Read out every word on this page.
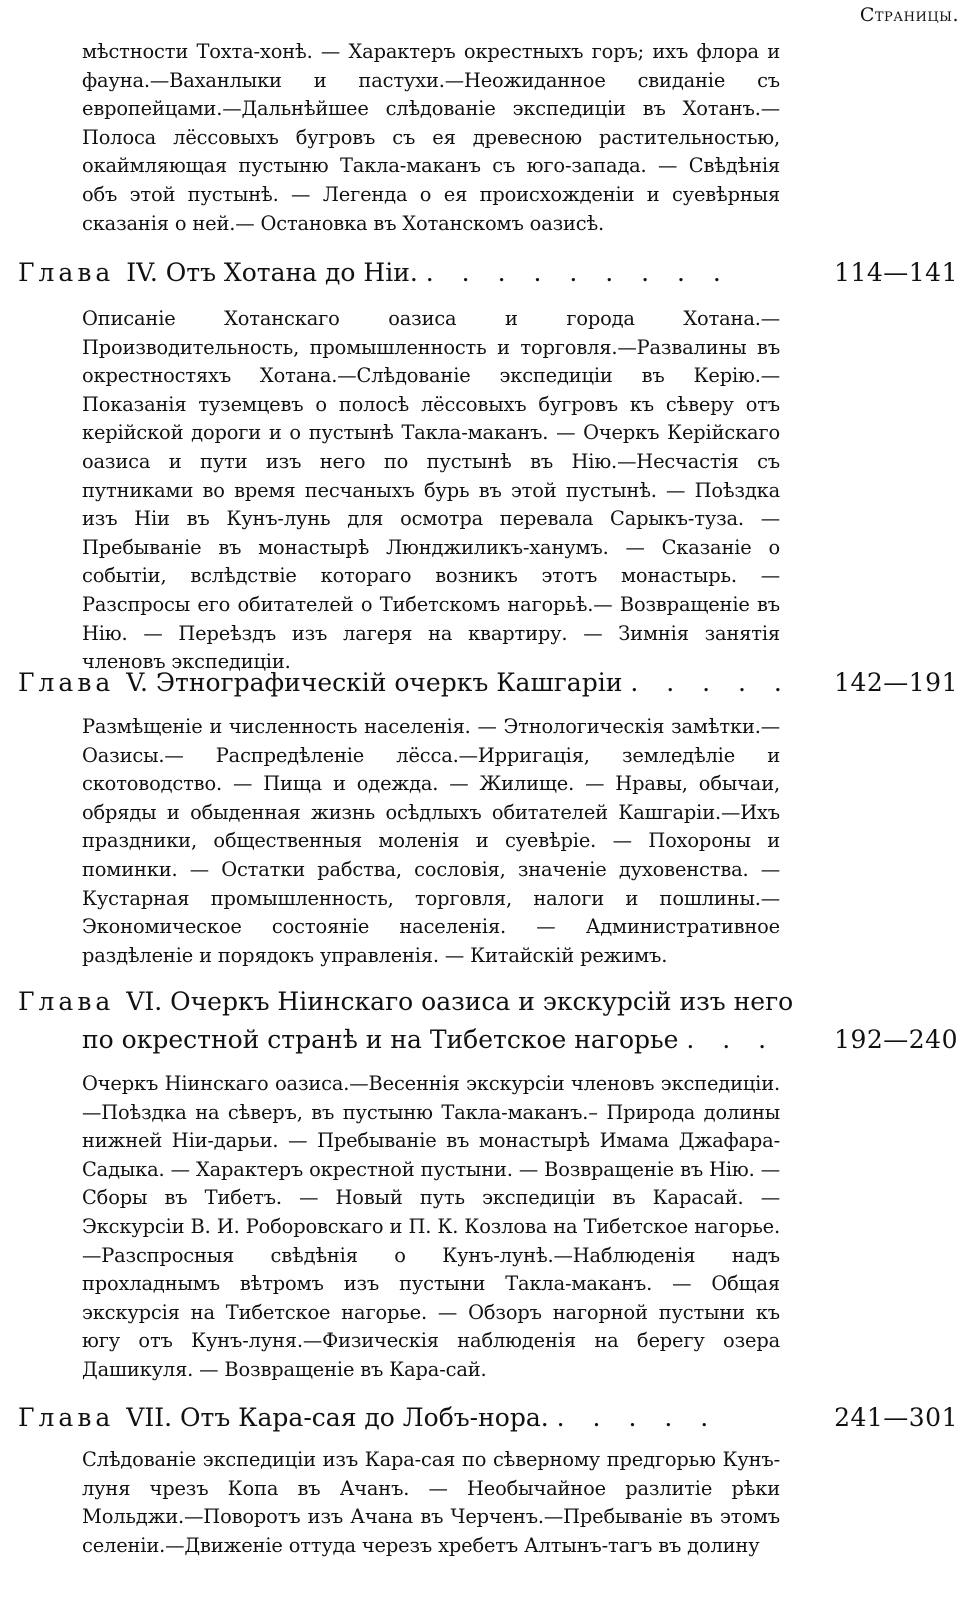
Страницы.
мѣстности Тохта-хонѣ. — Характеръ окрестныхъ горъ; ихъ флора и фауна.—Ваханлыки и пастухи.—Неожиданное свиданіе съ европейцами.—Дальнѣйшее слѣдованіе экспедиціи въ Хотанъ.—Полоса лёссовыхъ бугровъ съ ея древесною растительностью, окаймляющая пустыню Такла-маканъ съ юго-запада. — Свѣдѣнія объ этой пустынѣ. — Легенда о ея происхожденіи и суевѣрныя сказанія о ней.— Остановка въ Хотанскомъ оазисѣ.
Глава IV. Отъ Хотана до Ніи. . . . . . . . . .	114—141
Описаніе Хотанскаго оазиса и города Хотана.—Производительность, промышленность и торговля.—Развалины въ окрестностяхъ Хотана.—Слѣдованіе экспедиціи въ Керію.—Показанія туземцевъ о полосѣ лёссовыхъ бугровъ къ сѣверу отъ керійской дороги и о пустынѣ Такла-маканъ. — Очеркъ Керійскаго оазиса и пути изъ него по пустынѣ въ Нію.—Несчастія съ путниками во время песчаныхъ бурь въ этой пустынѣ. — Поѣздка изъ Ніи въ Кунъ-лунь для осмотра перевала Сарыкъ-туза. — Пребываніе въ монастырѣ Люнджиликъ-ханумъ. — Сказаніе о событіи, вслѣдствіе котораго возникъ этотъ монастырь. — Разспросы его обитателей о Тибетскомъ нагорьѣ.— Возвращеніе въ Нію. — Переѣздъ изъ лагеря на квартиру. — Зимнія занятія членовъ экспедиціи.
Глава V. Этнографическій очеркъ Кашгаріи . . . . . 142—191
Размѣщеніе и численность населенія. — Этнологическія замѣтки.—Оазисы.— Распредѣленіе лёсса.—Ирригація, земледѣліе и скотоводство. — Пища и одежда. — Жилище. — Нравы, обычаи, обряды и обыденная жизнь осѣдлыхъ обитателей Кашгаріи.—Ихъ праздники, общественныя моленія и суевѣріе. — Похороны и поминки. — Остатки рабства, сословія, значеніе духовенства. — Кустарная промышленность, торговля, налоги и пошлины.—Экономическое состояніе населенія. — Административное раздѣленіе и порядокъ управленія. — Китайскій режимъ.
Глава VI. Очеркъ Ніинскаго оазиса и экскурсій изъ него
по окрестной странѣ и на Тибетское нагорье . . . 192—240
Очеркъ Ніинскаго оазиса.—Весеннія экскурсіи членовъ экспедиціи.—Поѣздка на сѣверъ, въ пустыню Такла-маканъ.– Природа долины нижней Ніи-дарьи. — Пребываніе въ монастырѣ Имама Джафара-Садыка. — Характеръ окрестной пустыни. — Возвращеніе въ Нію. — Сборы въ Тибетъ. — Новый путь экспедиціи въ Карасай. — Экскурсіи В. И. Роборовскаго и П. К. Козлова на Тибетское нагорье.—Разспросныя свѣдѣнія о Кунъ-лунѣ.—Наблюденія надъ прохладнымъ вѣтромъ изъ пустыни Такла-маканъ. — Общая экскурсія на Тибетское нагорье. — Обзоръ нагорной пустыни къ югу отъ Кунъ-луня.—Физическія наблюденія на берегу озера Дашикуля. — Возвращеніе въ Кара-сай.
Глава VII. Отъ Кара-сая до Лобъ-нора. . . . . .	241—301
Слѣдованіе экспедиціи изъ Кара-сая по сѣверному предгорью Кунъ-луня чрезъ Копа въ Ачанъ. — Необычайное разлитіе рѣки Мольджи.—Поворотъ изъ Ачана въ Черченъ.—Пребываніе въ этомъ селеніи.—Движеніе оттуда черезъ хребетъ Алтынъ-тагъ въ долину
